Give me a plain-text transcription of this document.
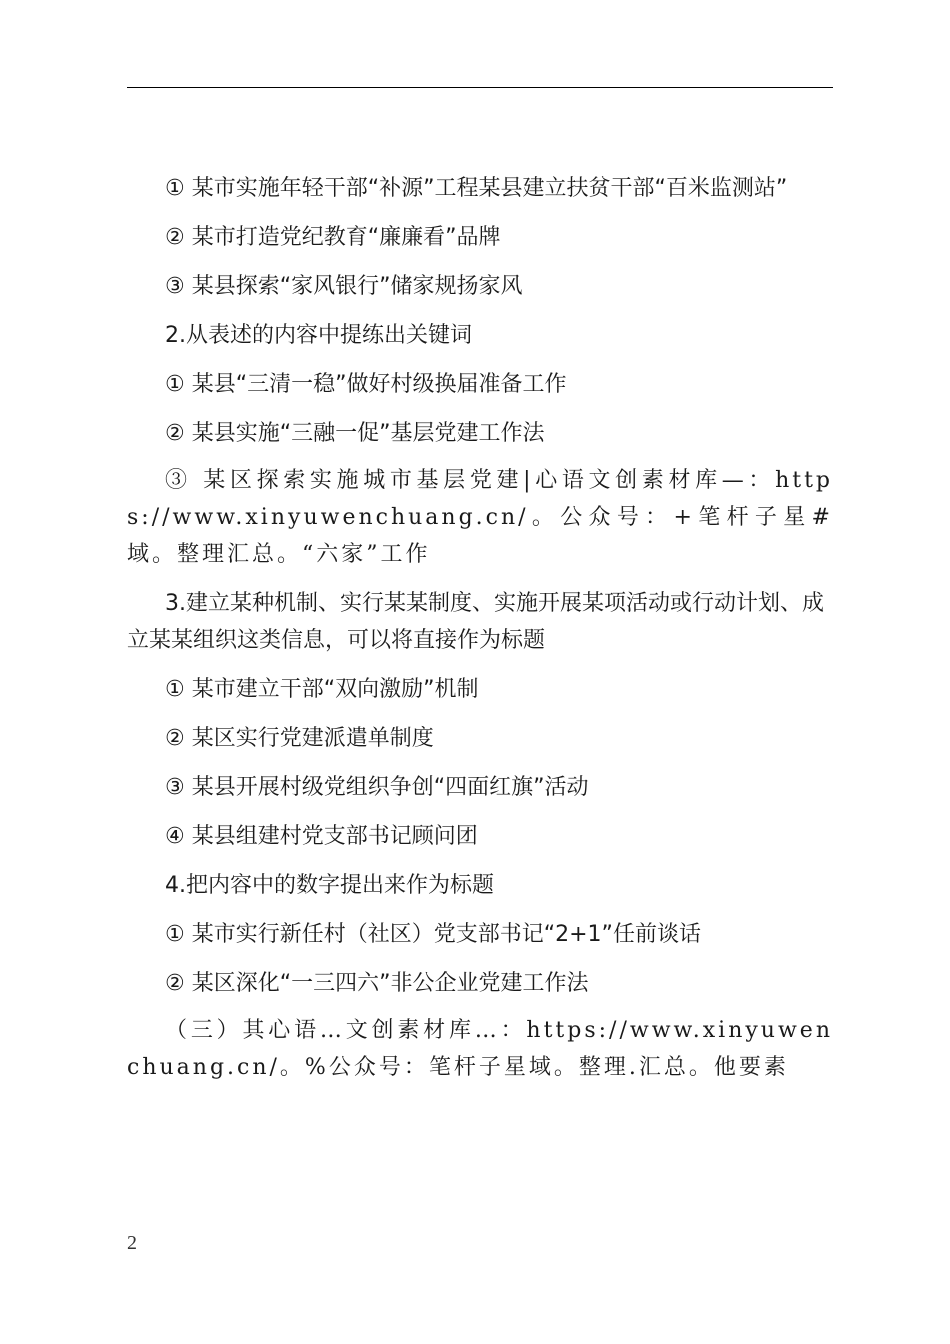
① 某市实施年轻干部“补源”工程某县建立扶贫干部“百米监测站”

② 某市打造党纪教育“廉廉看”品牌

③ 某县探索“家风银行”储家规扬家风

2.从表述的内容中提练出关键词

① 某县“三清一稳”做好村级换届准备工作

② 某县实施“三融一促”基层党建工作法

③ 某区探索实施城市基层党建|心语文创素材库—：https://www.xinyuwenchuang.cn/。公众号：+笔杆子星#域。整理汇总。“六家”工作

3.建立某种机制、实行某某制度、实施开展某项活动或行动计划、成立某某组织这类信息，可以将直接作为标题

① 某市建立干部“双向激励”机制

② 某区实行党建派遣单制度

③ 某县开展村级党组织争创“四面红旗”活动

④ 某县组建村党支部书记顾问团

4.把内容中的数字提出来作为标题

① 某市实行新任村（社区）党支部书记“2+1”任前谈话

② 某区深化“一三四六”非公企业党建工作法

（三）其心语…文创素材库…：https://www.xinyuwenchuang.cn/。%公众号：笔杆子星域。整理.汇总。他要素

2
